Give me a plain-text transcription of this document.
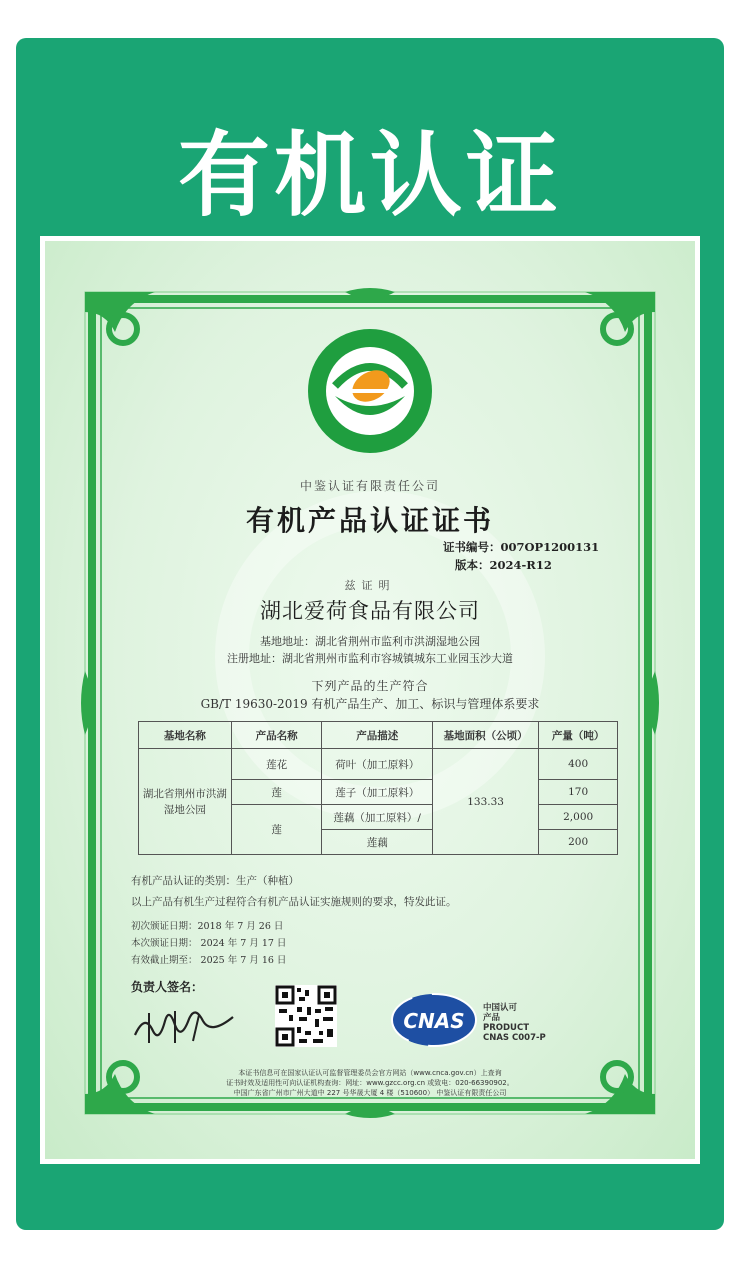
有机认证
中鉴认证有限责任公司
有机产品认证证书
证书编号：007OP1200131
版本：2024-R12
兹证明
湖北爱荷食品有限公司
基地地址：湖北省荆州市监利市洪湖湿地公园
注册地址：湖北省荆州市监利市容城镇城东工业园玉沙大道
下列产品的生产符合
GB/T 19630-2019 有机产品生产、加工、标识与管理体系要求
基地名称	产品名称	产品描述	基地面积（公顷）	产量（吨）
湖北省荆州市洪湖湿地公园	莲花	荷叶（加工原料）	133.33	400
	莲	莲子（加工原料）		170
	莲	莲藕（加工原料）/		2,000
		莲藕		200
有机产品认证的类别：生产（种植）
以上产品有机生产过程符合有机产品认证实施规则的要求，特发此证。
初次颁证日期：2018 年 7 月 26 日
本次颁证日期： 2024 年 7 月 17 日
有效截止期至： 2025 年 7 月 16 日
负责人签名：
CNAS
中国认可
产品
PRODUCT
CNAS C007-P
本证书信息可在国家认证认可监督管理委员会官方网站（www.cnca.gov.cn）上查询
证书时效及适用性可向认证机构查询：网址：www.gzcc.org.cn 或致电：020-66390902。
中国广东省广州市广州大道中 227 号华晟大厦 4 楼（510600） 中鉴认证有限责任公司
